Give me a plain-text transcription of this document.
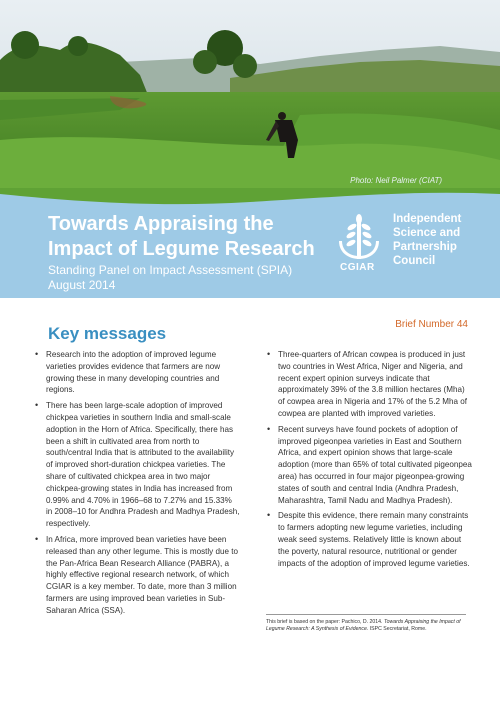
Photo: Neil Palmer (CIAT)
Towards Appraising the Impact of Legume Research
Standing Panel on Impact Assessment (SPIA)
August 2014
CGIAR
Independent
Science and
Partnership
Council
Brief Number 44
Key messages
• Research into the adoption of improved legume varieties provides evidence that farmers are now growing these in many developing countries and regions.
• There has been large-scale adoption of improved chickpea varieties in southern India and small-scale adoption in the Horn of Africa. Specifically, there has been a shift in cultivated area from north to south/central India that is attributed to the availability of improved short-duration chickpea varieties. The share of cultivated chickpea area in two major chickpea-growing states in India has increased from 0.99% and 4.70% in 1966–68 to 7.27% and 15.33% in 2008–10 for Andhra Pradesh and Madhya Pradesh, respectively.
• In Africa, more improved bean varieties have been released than any other legume. This is mostly due to the Pan-Africa Bean Research Alliance (PABRA), a highly effective regional research network, of which CGIAR is a key member. To date, more than 3 million farmers are using improved bean varieties in Sub-Saharan Africa (SSA).
• Three-quarters of African cowpea is produced in just two countries in West Africa, Niger and Nigeria, and recent expert opinion surveys indicate that approximately 39% of the 3.8 million hectares (Mha) of cowpea area in Nigeria and 17% of the 5.2 Mha of cowpea are planted with improved varieties.
• Recent surveys have found pockets of adoption of improved pigeonpea varieties in East and Southern Africa, and expert opinion shows that large-scale adoption (more than 65% of total cultivated pigeonpea area) has occurred in four major pigeonpea-growing states of south and central India (Andhra Pradesh, Maharashtra, Tamil Nadu and Madhya Pradesh).
• Despite this evidence, there remain many constraints to farmers adopting new legume varieties, including weak seed systems. Relatively little is known about the poverty, natural resource, nutritional or gender impacts of the adoption of improved legume varieties.
This brief is based on the paper: Pachico, D. 2014. Towards Appraising the Impact of Legume Research: A Synthesis of Evidence. ISPC Secretariat, Rome.
